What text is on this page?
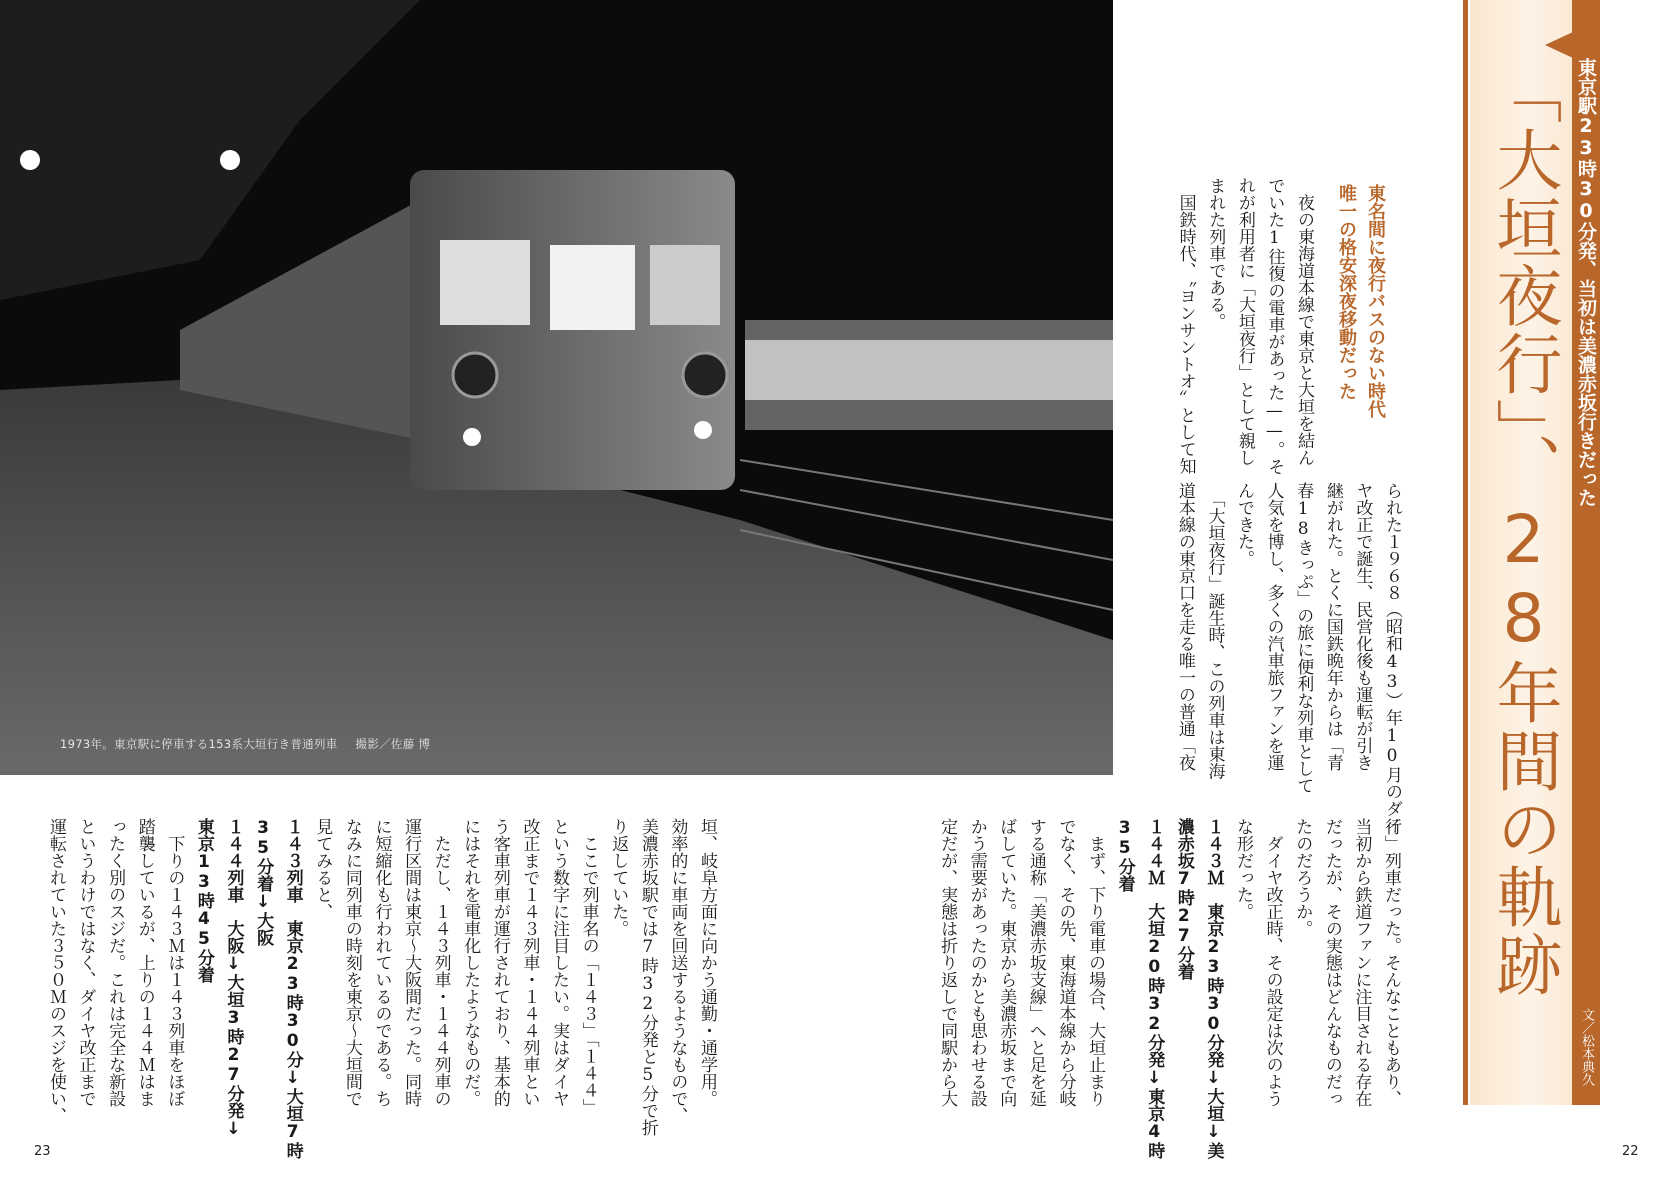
1973年。東京駅に停車する153系大垣行き普通列車 撮影／佐藤 博	「大垣夜行」、28年間の軌跡 東京駅23時30分発、当初は美濃赤坂行きだった
文／松本典久
東名間に夜行バスのない時代
唯一の格安深夜移動だった
　夜の東海道本線で東京と大垣を結ん
でいた1往復の電車があった——。そ
れが利用者に「大垣夜行」として親し
まれた列車である。
　国鉄時代、〝ヨンサントオ〟として知
られた１９６８（昭和43）年10月のダイ
ヤ改正で誕生、民営化後も運転が引き
継がれた。とくに国鉄晩年からは「青
春18きっぷ」の旅に便利な列車として
人気を博し、多くの汽車旅ファンを運
んできた。
　「大垣夜行」誕生時、この列車は東海
道本線の東京口を走る唯一の普通「夜
行」列車だった。そんなこともあり、
当初から鉄道ファンに注目される存在
だったが、その実態はどんなものだっ
たのだろうか。
　ダイヤ改正時、その設定は次のよう
な形だった。
１４３Ｍ　東京23時30分発↓大垣↓美
濃赤坂7時27分着
１４４Ｍ　大垣20時32分発↓東京4時
35分着
　まず、下り電車の場合、大垣止まり
でなく、その先、東海道本線から分岐
する通称「美濃赤坂支線」へと足を延
ばしていた。東京から美濃赤坂まで向
かう需要があったのかとも思わせる設
定だが、実態は折り返しで同駅から大
垣、岐阜方面に向かう通勤・通学用。
効率的に車両を回送するようなもので、
美濃赤坂駅では7時32分発と5分で折
り返していた。
　ここで列車名の「１４３」「１４４」
という数字に注目したい。実はダイヤ
改正まで１４３列車・１４４列車とい
う客車列車が運行されており、基本的
にはそれを電車化したようなものだ。
　ただし、１４３列車・１４４列車の
運行区間は東京〜大阪間だった。同時
に短縮化も行われているのである。ち
なみに同列車の時刻を東京〜大垣間で
見てみると、
１４３列車　東京23時30分↓大垣7時
35分着↓大阪
１４４列車　大阪↓大垣3時27分発↓
東京13時45分着
　下りの１４３Ｍは１４３列車をほぼ
踏襲しているが、上りの１４４Ｍはま
ったく別のスジだ。これは完全な新設
というわけではなく、ダイヤ改正まで
運転されていた３５０Ｍのスジを使い、
23	22
